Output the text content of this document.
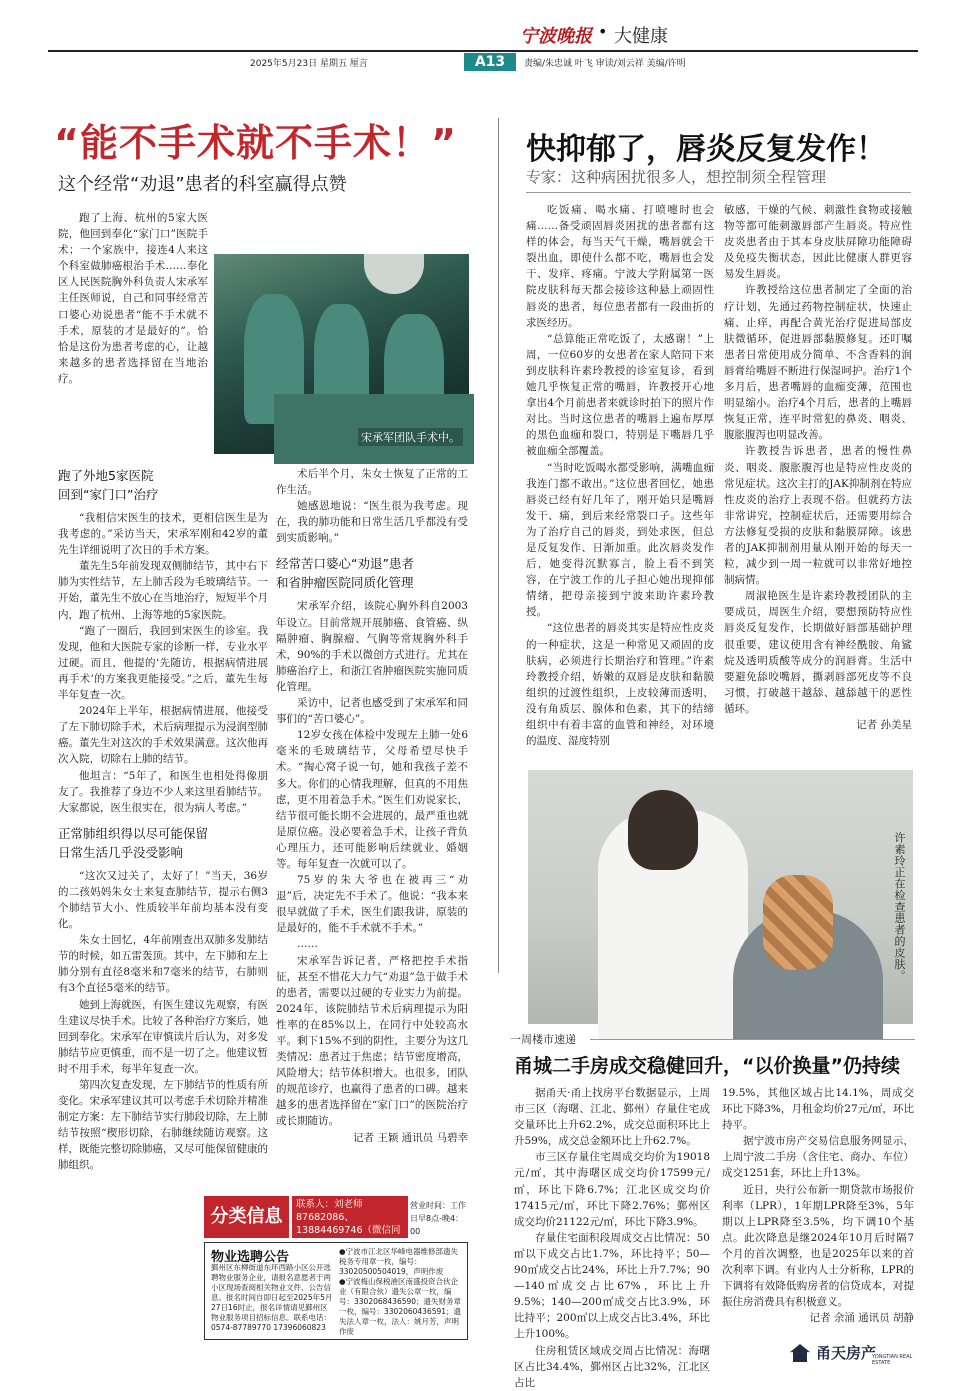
宁波晚报 • 大健康
2025年5月23日 星期五 厘言	A13	责编/朱忠诚 叶飞 审读/刘云祥 美编/许明
“能不手术就不手术！”
这个经常“劝退”患者的科室赢得点赞

跑了上海、杭州的5家大医院，他回到奉化“家门口”医院手术；一个家族中，接连4人来这个科室做肺癌根治手术……奉化区人民医院胸外科负责人宋承军主任医师说，自己和同事经常苦口婆心劝说患者“能不手术就不手术，原装的才是最好的”。恰恰是这份为患者考虑的心，让越来越多的患者选择留在当地治疗。

宋承军团队手术中。
跑了外地5家医院
回到“家门口”治疗

“我相信宋医生的技术，更相信医生是为我考虑的。”采访当天，宋承军刚和42岁的董先生详细说明了次日的手术方案。

董先生5年前发现双侧肺结节，其中右下肺为实性结节，左上肺舌段为毛玻璃结节。一开始，董先生不放心在当地治疗，短短半个月内，跑了杭州、上海等地的5家医院。

“跑了一圈后，我回到宋医生的诊室。我发现，他和大医院专家的诊断一样，专业水平过硬。而且，他提的‘先随访，根据病情进展再手术’的方案我更能接受。”之后，董先生每半年复查一次。

2024年上半年，根据病情进展，他接受了左下肺切除手术，术后病理提示为浸润型肺癌。董先生对这次的手术效果满意。这次他再次入院，切除右上肺的结节。

他坦言：“5年了，和医生也相处得像朋友了。我推荐了身边不少人来这里看肺结节。大家都说，医生很实在，很为病人考虑。”

正常肺组织得以尽可能保留
日常生活几乎没受影响

“这次又过关了，太好了！”当天，36岁的二孩妈妈朱女士来复查肺结节，提示右侧3个肺结节大小、性质较半年前均基本没有变化。

朱女士回忆，4年前刚查出双肺多发肺结节的时候，如五雷轰顶。其中，左下肺和左上肺分别有直径8毫米和7毫米的结节，右肺则有3个直径5毫米的结节。

她到上海就医，有医生建议先观察，有医生建议尽快手术。比较了各种治疗方案后，她回到奉化。宋承军在审慎读片后认为，对多发肺结节应更慎重，而不是一切了之。他建议暂时不用手术，每半年复查一次。

第四次复查发现，左下肺结节的性质有所变化。宋承军建议其可以考虑手术切除并精准制定方案：左下肺结节实行肺段切除，左上肺结节按照“楔形切除，右肺继续随访观察。这样，既能完整切除肺癌，又尽可能保留健康的肺组织。

术后半个月，朱女士恢复了正常的工作生活。

她感恩地说：“医生很为我考虑。现在，我的肺功能和日常生活几乎都没有受到实质影响。”

经常苦口婆心“劝退”患者
和省肿瘤医院同质化管理

宋承军介绍，该院心胸外科自2003年设立。目前常规开展肺癌、食管癌、纵隔肿瘤、胸腺瘤、气胸等常规胸外科手术，90%的手术以微创方式进行。尤其在肺癌治疗上，和浙江省肿瘤医院实施同质化管理。

采访中，记者也感受到了宋承军和同事们的“苦口婆心”。

12岁女孩在体检中发现左上肺一处6毫米的毛玻璃结节，父母希望尽快手术。“掏心窝子说一句，她和我孩子差不多大。你们的心情我理解，但真的不用焦虑，更不用着急手术。”医生们劝说家长，结节很可能长期不会进展的，最严重也就是原位癌。没必要着急手术，让孩子背负心理压力，还可能影响后续就业、婚姻等。每年复查一次就可以了。

75岁的朱大爷也在被再三“劝退”后，决定先不手术了。他说：“我本来很早就做了手术，医生们跟我讲，原装的是最好的，能不手术就不手术。”

……

宋承军告诉记者，严格把控手术指征，甚至不惜花大力气“劝退”急于做手术的患者，需要以过硬的专业实力为前提。2024年，该院肺结节术后病理提示为阳性率的在85%以上，在同行中处较高水平。剩下15%不到的阴性，主要分为这几类情况：患者过于焦虑；结节密度增高，风险增大；结节体积增大。也很多，团队的规范诊疗，也赢得了患者的口碑。越来越多的患者选择留在“家门口”的医院治疗或长期随访。

记者 王颖 通讯员 马碧幸
快抑郁了，唇炎反复发作！
专家：这种病困扰很多人，想控制须全程管理

吃饭痛、喝水痛、打喷嚏时也会痛……备受顽固唇炎困扰的患者都有这样的体会，每当天气干燥，嘴唇就会干裂出血，即使什么都不吃，嘴唇也会发干、发痒、疼痛。宁波大学附属第一医院皮肤科每天都会接诊这种悬上顽固性唇炎的患者，每位患者都有一段曲折的求医经历。

“总算能正常吃饭了，太感谢！”上周，一位60岁的女患者在家人陪同下来到皮肤科许素玲教授的诊室复诊，看到她几乎恢复正常的嘴唇，许教授开心地拿出4个月前患者来就诊时拍下的照片作对比。当时这位患者的嘴唇上遍布厚厚的黑色血痂和裂口，特别是下嘴唇几乎被血痂全部覆盖。

“当时吃饭喝水都受影响，满嘴血痂我连门都不敢出。”这位患者回忆，她患唇炎已经有好几年了，刚开始只是嘴唇发干、痛，到后来经常裂口子。这些年为了治疗自己的唇炎，到处求医，但总是反复发作、日渐加重。此次唇炎发作后，她变得沉默寡言，脸上看不到笑容，在宁波工作的儿子担心她出现抑郁情绪，把母亲接到宁波来助许素玲教授。

“这位患者的唇炎其实是特应性皮炎的一种症状，这是一种常见又顽固的皮肤病，必须进行长期治疗和管理。”许素玲教授介绍，娇嫩的双唇是皮肤和黏膜组织的过渡性组织，上皮较薄而透明，没有角质层、腺体和色素，其下的结缔组织中有着丰富的血管和神经，对环境的温度、湿度特别

敏感，干燥的气候、刺激性食物或接触物等都可能刺激唇部产生唇炎。特应性皮炎患者由于其本身皮肤屏障功能障碍及免疫失衡状态，因此比健康人群更容易发生唇炎。

许教授给这位患者制定了全面的治疗计划，先通过药物控制症状，快速止痛、止痒，再配合黄光治疗促进局部皮肤微循环，促进唇部黏膜修复。还叮嘱患者日常使用成分简单、不含香料的润唇膏给嘴唇不断进行保湿呵护。治疗1个多月后，患者嘴唇的血痂变薄，范围也明显缩小。治疗4个月后，患者的上嘴唇恢复正常，连平时常犯的鼻炎、咽炎、腹胀腹泻也明显改善。

许教授告诉患者，患者的慢性鼻炎、咽炎、腹胀腹泻也是特应性皮炎的常见症状。这次主打的JAK抑制剂在特应性皮炎的治疗上表现不俗。但就药方法非常讲究，控制症状后，还需要用综合方法修复受损的皮肤和黏膜屏障。该患者的JAK抑制剂用量从刚开始的每天一粒，减少到一周一粒就可以非常好地控制病情。

周淑艳医生是许素玲教授团队的主要成员，周医生介绍，要想预防特应性唇炎反复发作，长期做好唇部基础护理很重要，建议使用含有神经酰胺、角鲨烷及透明质酸等成分的润唇膏。生活中要避免舔咬嘴唇，撕剥唇部死皮等不良习惯，打破越干越舔、越舔越干的恶性循环。

记者 孙美星
许素玲正在检查患者的皮肤。
一周楼市速递
甬城二手房成交稳健回升，“以价换量”仍持续

据甬天·甬上找房平台数据显示，上周市三区（海曙、江北、鄞州）存量住宅成交量环比上升62.2%，成交总面积环比上升59%，成交总金额环比上升62.7%。

市三区存量住宅周成交均价为19018元/㎡，其中海曙区成交均价17599元/㎡，环比下降6.7%；江北区成交均价17415元/㎡，环比下降2.76%；鄞州区成交均价21122元/㎡，环比下降3.9%。

存量住宅面积段周成交占比情况：50㎡以下成交占比1.7%，环比持平；50—90㎡成交占比24%，环比上升7.7%；90—140㎡成交占比67%，环比上升9.5%；140—200㎡成交占比3.9%，环比持平；200㎡以上成交占比3.4%，环比上升100%。

住房租赁区域成交周占比情况：海曙区占比34.4%，鄞州区占比32%，江北区占比

19.5%，其他区域占比14.1%，周成交环比下降3%，月租金均价27元/㎡，环比持平。

据宁波市房产交易信息服务网显示，上周宁波二手房（含住宅、商办、车位）成交1251套，环比上升13%。

近日，央行公布新一期贷款市场报价利率（LPR），1年期LPR降至3%，5年期以上LPR降至3.5%，均下调10个基点。此次降息是继2024年10月后时隔7个月的首次调整，也是2025年以来的首次利率下调。有业内人士分析称，LPR的下调将有效降低购房者的信贷成本，对提振住房消费具有积极意义。

记者 余涌 通讯员 胡静
分类信息
联系人：刘老师 87682086、13884469746（微信同号）
营业时间：工作日早8点-晚4：00
物业选聘公告
鄞州区东柳街道东环西路小区公开选聘物业服务企业，请报名意愿者于两小区现场查阅相关物业文件、公告信息。报名时间自即日起至2025年5月27日16时止，报名详情请见鄞州区物业服务项目招标信息。联系电话：0574-87789770 17396060823
●宁波市江北区华峰电器维修部遗失税务专用章一枚，编号：33020500504019，声明作废
●宁波梅山保税港区南盛投资合伙企业（有限合伙）遗失公章一枚，编号：3302068436590；遗失财务章一枚，编号：3302060436591；遗失法人章一枚，法人：姚月芳，声明作废
甬天房产
YONGTIAN REAL ESTATE
